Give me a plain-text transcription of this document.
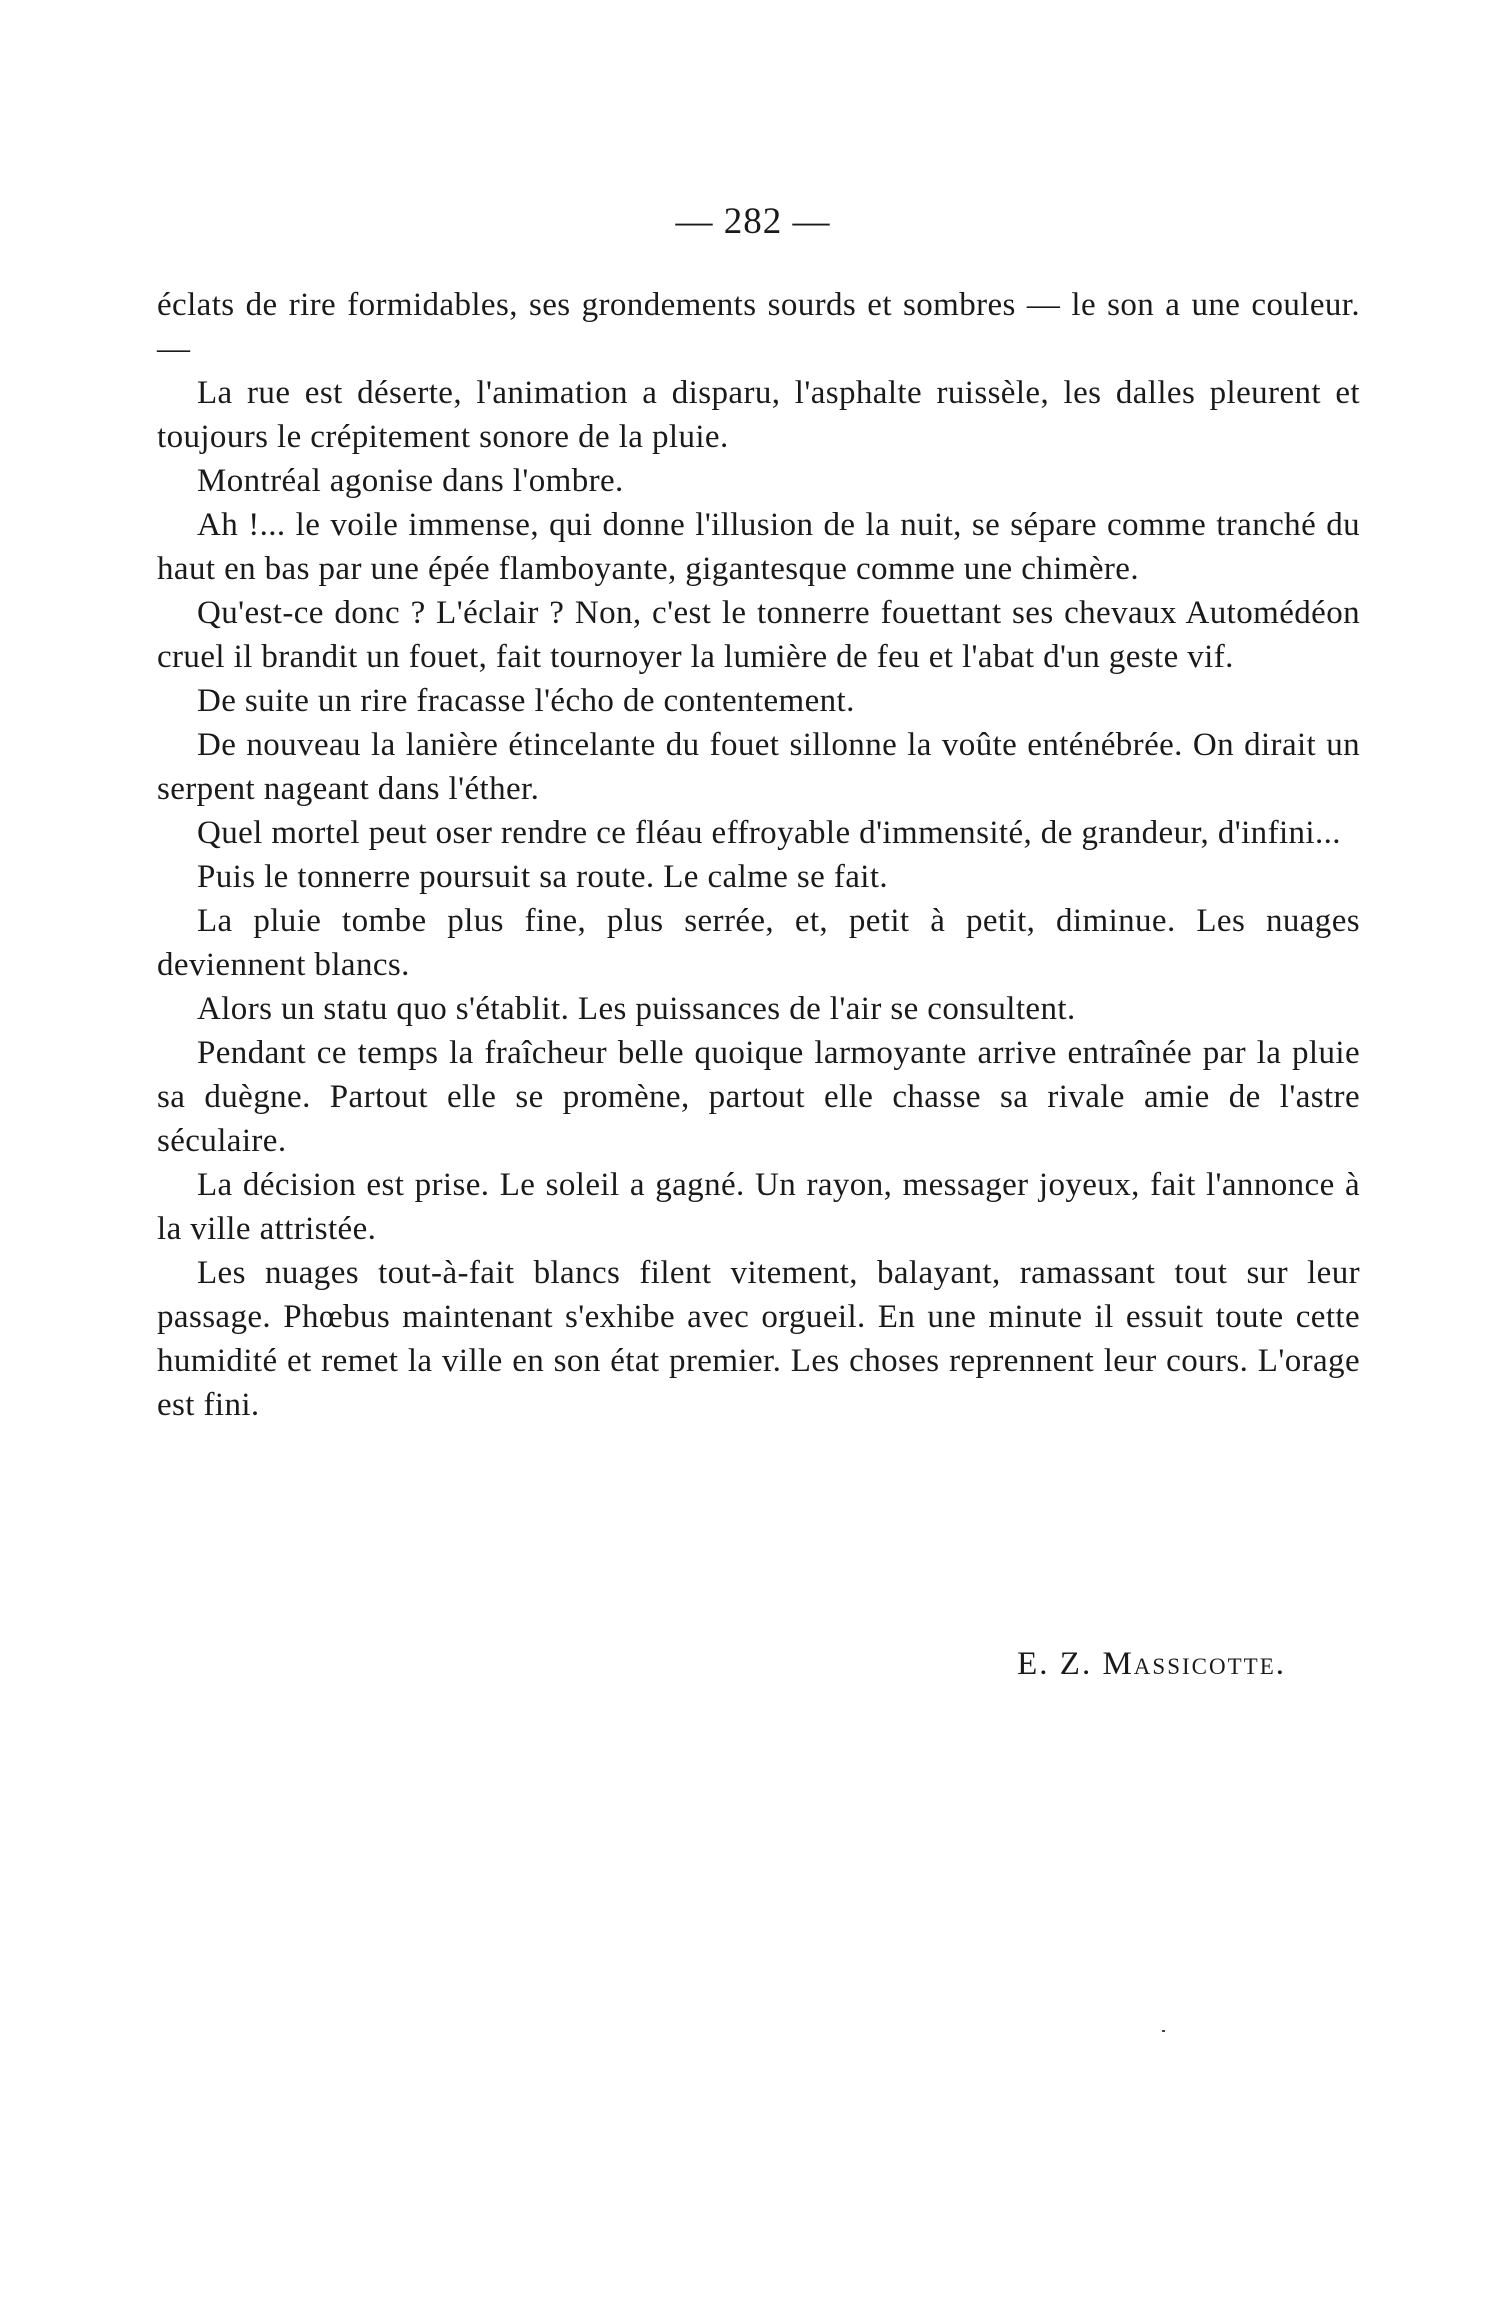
— 282 —

éclats de rire formidables, ses grondements sourds et sombres — le son a une couleur. —

La rue est déserte, l'animation a disparu, l'asphalte ruissèle, les dalles pleurent et toujours le crépitement sonore de la pluie.

Montréal agonise dans l'ombre.

Ah !... le voile immense, qui donne l'illusion de la nuit, se sépare comme tranché du haut en bas par une épée flamboyante, gigantesque comme une chimère.

Qu'est-ce donc ? L'éclair ? Non, c'est le tonnerre fouettant ses chevaux Automédéon cruel il brandit un fouet, fait tournoyer la lumière de feu et l'abat d'un geste vif.

De suite un rire fracasse l'écho de contentement.

De nouveau la lanière étincelante du fouet sillonne la voûte enténébrée. On dirait un serpent nageant dans l'éther.

Quel mortel peut oser rendre ce fléau effroyable d'immensité, de grandeur, d'infini...

Puis le tonnerre poursuit sa route. Le calme se fait.

La pluie tombe plus fine, plus serrée, et, petit à petit, diminue. Les nuages deviennent blancs.

Alors un statu quo s'établit. Les puissances de l'air se consultent.

Pendant ce temps la fraîcheur belle quoique larmoyante arrive entraînée par la pluie sa duègne. Partout elle se promène, partout elle chasse sa rivale amie de l'astre séculaire.

La décision est prise. Le soleil a gagné. Un rayon, messager joyeux, fait l'annonce à la ville attristée.

Les nuages tout-à-fait blancs filent vitement, balayant, ramassant tout sur leur passage. Phœbus maintenant s'exhibe avec orgueil. En une minute il essuit toute cette humidité et remet la ville en son état premier. Les choses reprennent leur cours. L'orage est fini.

E. Z. Massicotte.
